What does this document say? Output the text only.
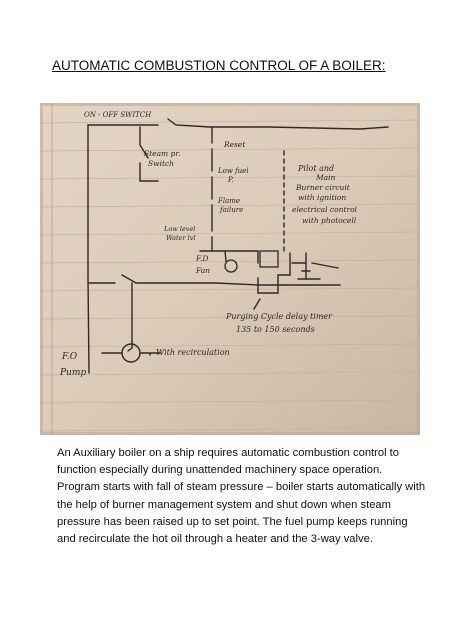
AUTOMATIC COMBUSTION CONTROL OF A BOILER:
ON - OFF SWITCH
Steam pr.
Switch
Reset
Low fuel
P.
Flame
failure
Low level
Water lvl
F.D
Fan
Pilot and
Main
Burner circuit
with ignition
electrical control
with photocell
Purging Cycle delay timer
135 to 150 seconds
F.O
Pump
With recirculation
An Auxiliary boiler on a ship requires automatic combustion control to function especially during unattended machinery space operation. Program starts with fall of steam pressure – boiler starts automatically with the help of burner management system and shut down when steam pressure has been raised up to set point. The fuel pump keeps running and recirculate the hot oil through a heater and the 3-way valve.
